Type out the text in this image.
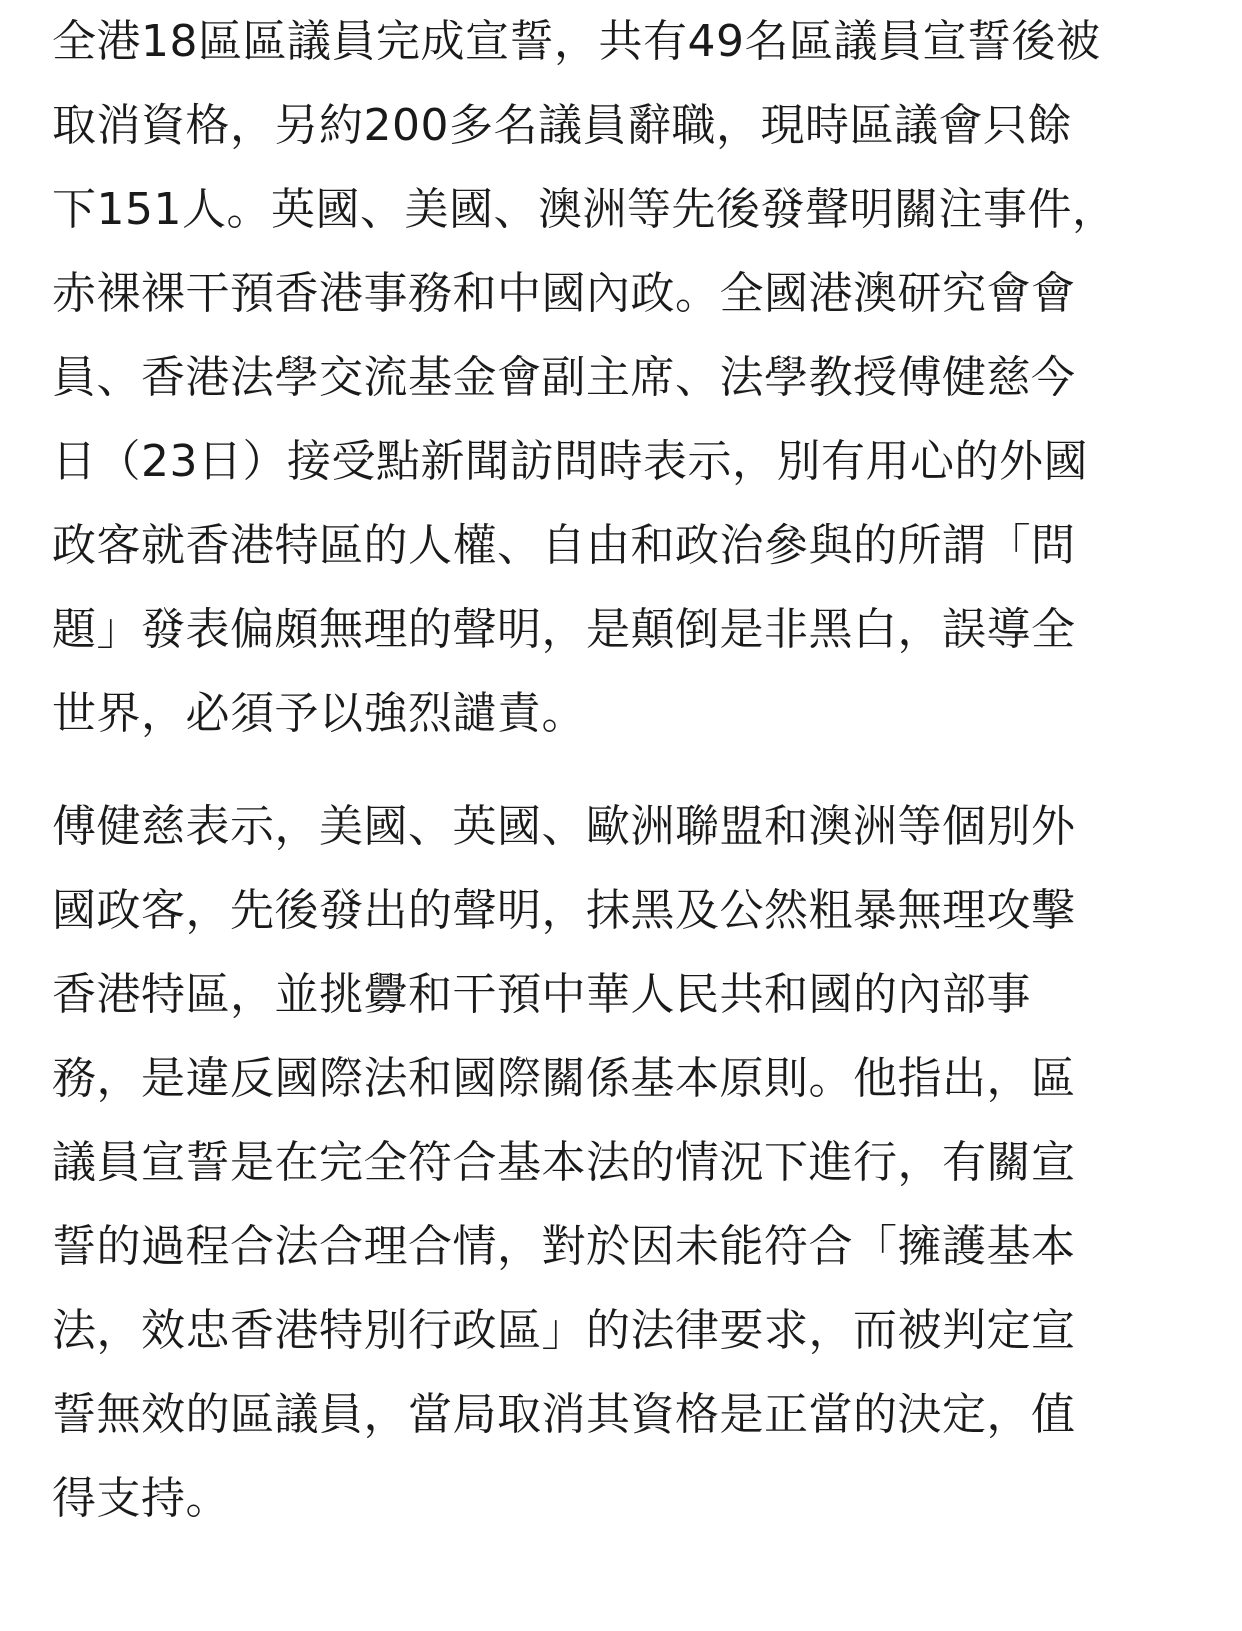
全港18區區議員完成宣誓，共有49名區議員宣誓後被
取消資格，另約200多名議員辭職，現時區議會只餘
下151人。英國、美國、澳洲等先後發聲明關注事件，
赤裸裸干預香港事務和中國內政。全國港澳研究會會
員、香港法學交流基金會副主席、法學教授傅健慈今
日（23日）接受點新聞訪問時表示，別有用心的外國
政客就香港特區的人權、自由和政治參與的所謂「問
題」發表偏頗無理的聲明，是顛倒是非黑白，誤導全
世界，必須予以強烈譴責。
傅健慈表示，美國、英國、歐洲聯盟和澳洲等個別外
國政客，先後發出的聲明，抹黑及公然粗暴無理攻擊
香港特區，並挑釁和干預中華人民共和國的內部事
務，是違反國際法和國際關係基本原則。他指出，區
議員宣誓是在完全符合基本法的情況下進行，有關宣
誓的過程合法合理合情，對於因未能符合「擁護基本
法，效忠香港特別行政區」的法律要求，而被判定宣
誓無效的區議員，當局取消其資格是正當的決定，值
得支持。
